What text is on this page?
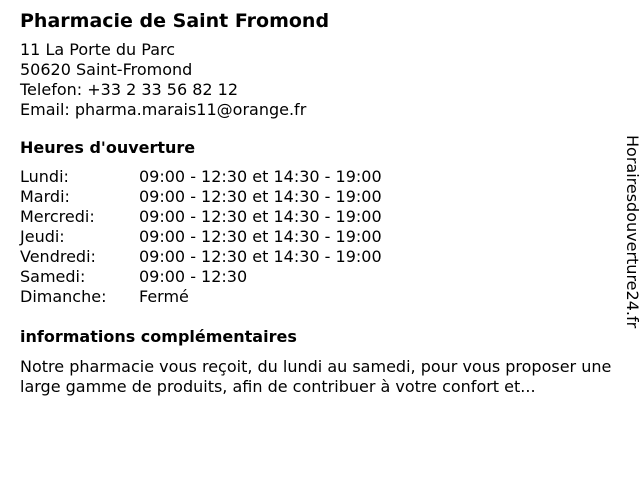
Pharmacie de Saint Fromond
11 La Porte du Parc
50620 Saint-Fromond
Telefon: +33 2 33 56 82 12
Email: pharma.marais11@orange.fr
Heures d'ouverture
Lundi:	09:00 - 12:30 et 14:30 - 19:00
Mardi:	09:00 - 12:30 et 14:30 - 19:00
Mercredi:	09:00 - 12:30 et 14:30 - 19:00
Jeudi:	09:00 - 12:30 et 14:30 - 19:00
Vendredi:	09:00 - 12:30 et 14:30 - 19:00
Samedi:	09:00 - 12:30
Dimanche:	Fermé
informations complémentaires
Notre pharmacie vous reçoit, du lundi au samedi, pour vous proposer une large gamme de produits, afin de contribuer à votre confort et...
Horairesdouverture24.fr
